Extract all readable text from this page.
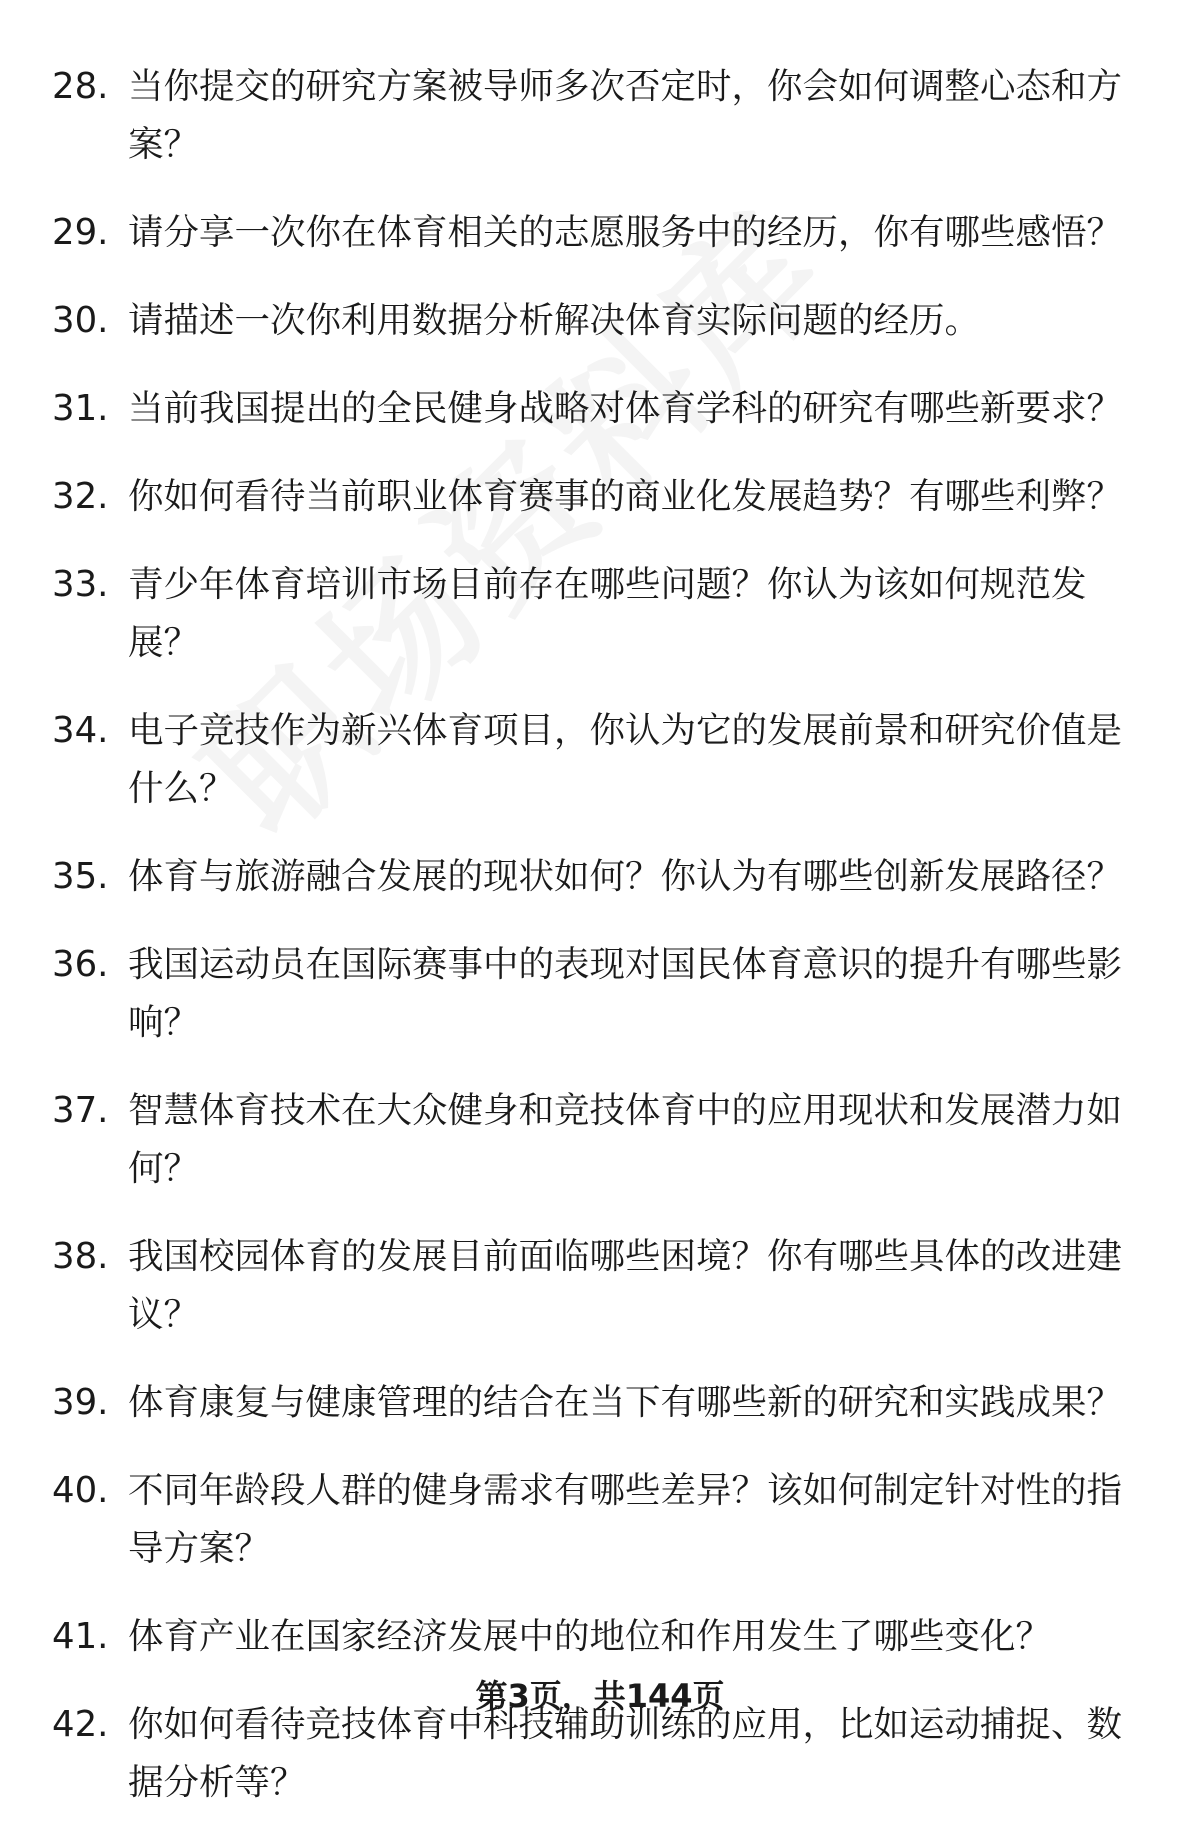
28. 当你提交的研究方案被导师多次否定时，你会如何调整心态和方案？
29. 请分享一次你在体育相关的志愿服务中的经历，你有哪些感悟？
30. 请描述一次你利用数据分析解决体育实际问题的经历。
31. 当前我国提出的全民健身战略对体育学科的研究有哪些新要求？
32. 你如何看待当前职业体育赛事的商业化发展趋势？有哪些利弊？
33. 青少年体育培训市场目前存在哪些问题？你认为该如何规范发展？
34. 电子竞技作为新兴体育项目，你认为它的发展前景和研究价值是什么？
35. 体育与旅游融合发展的现状如何？你认为有哪些创新发展路径？
36. 我国运动员在国际赛事中的表现对国民体育意识的提升有哪些影响？
37. 智慧体育技术在大众健身和竞技体育中的应用现状和发展潜力如何？
38. 我国校园体育的发展目前面临哪些困境？你有哪些具体的改进建议？
39. 体育康复与健康管理的结合在当下有哪些新的研究和实践成果？
40. 不同年龄段人群的健身需求有哪些差异？该如何制定针对性的指导方案？
41. 体育产业在国家经济发展中的地位和作用发生了哪些变化？
42. 你如何看待竞技体育中科技辅助训练的应用，比如运动捕捉、数据分析等？
第3页，共144页
